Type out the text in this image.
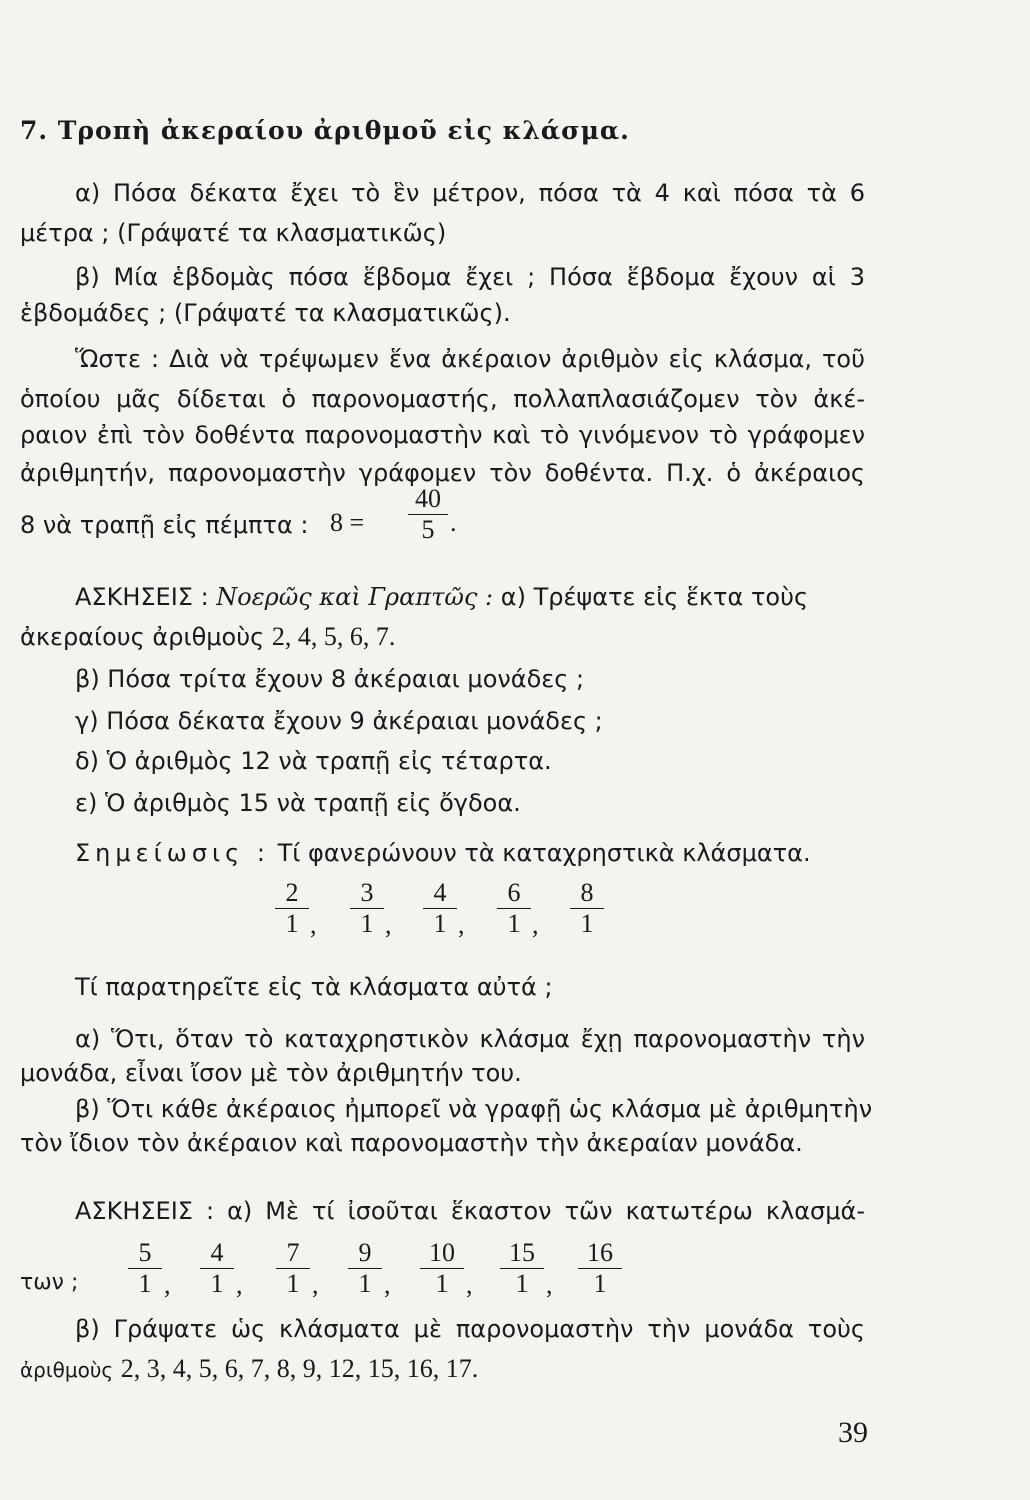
7. Τροπὴ ἀκεραίου ἀριθμοῦ εἰς κλάσμα.
α) Πόσα δέκατα ἔχει τὸ ἓν μέτρον, πόσα τὰ 4 καὶ πόσα τὰ 6
μέτρα ; (Γράψατέ τα κλασματικῶς)
β) Μία ἑβδομὰς πόσα ἕβδομα ἔχει ; Πόσα ἕβδομα ἔχουν αἱ 3
ἑβδομάδες ; (Γράψατέ τα κλασματικῶς).
Ὥστε : Διὰ νὰ τρέψωμεν ἕνα ἀκέραιον ἀριθμὸν εἰς κλάσμα, τοῦ
ὁποίου μᾶς δίδεται ὁ παρονομαστής, πολλαπλασιάζομεν τὸν ἀκέ-
ραιον ἐπὶ τὸν δοθέντα παρονομαστὴν καὶ τὸ γινόμενον τὸ γράφομεν
ἀριθμητήν, παρονομαστὴν γράφομεν τὸν δοθέντα. Π.χ. ὁ ἀκέραιος
8 νὰ τραπῇ εἰς πέμπτα : $8 = \frac{40}{5}$ .
ΑΣΚΗΣΕΙΣ : Νοερῶς καὶ Γραπτῶς : α) Τρέψατε εἰς ἕκτα τοὺς
ἀκεραίους ἀριθμοὺς 2, 4, 5, 6, 7.
β) Πόσα τρίτα ἔχουν 8 ἀκέραιαι μονάδες ;
γ) Πόσα δέκατα ἔχουν 9 ἀκέραιαι μονάδες ;
δ) Ὁ ἀριθμὸς 12 νὰ τραπῇ εἰς τέταρτα.
ε) Ὁ ἀριθμὸς 15 νὰ τραπῇ εἰς ὄγδοα.
Σημείωσις : Τί φανερώνουν τὰ καταχρηστικὰ κλάσματα.
$\frac{2}{1}$ , $\frac{3}{1}$ , $\frac{4}{1}$ , $\frac{6}{1}$ , $\frac{8}{1}$
Τί παρατηρεῖτε εἰς τὰ κλάσματα αὐτά ;
α) Ὅτι, ὅταν τὸ καταχρηστικὸν κλάσμα ἔχῃ παρονομαστὴν τὴν
μονάδα, εἶναι ἴσον μὲ τὸν ἀριθμητήν του.
β) Ὅτι κάθε ἀκέραιος ἠμπορεῖ νὰ γραφῇ ὡς κλάσμα μὲ ἀριθμητὴν
τὸν ἴδιον τὸν ἀκέραιον καὶ παρονομαστὴν τὴν ἀκεραίαν μονάδα.
ΑΣΚΗΣΕΙΣ : α) Μὲ τί ἰσοῦται ἕκαστον τῶν κατωτέρω κλασμά-
των ; $\frac{5}{1}$ , $\frac{4}{1}$ , $\frac{7}{1}$ , $\frac{9}{1}$ , $\frac{10}{1}$ , $\frac{15}{1}$ , $\frac{16}{1}$
β) Γράψατε ὡς κλάσματα μὲ παρονομαστὴν τὴν μονάδα τοὺς
ἀριθμοὺς 2, 3, 4, 5, 6, 7, 8, 9, 12, 15, 16, 17.
39
